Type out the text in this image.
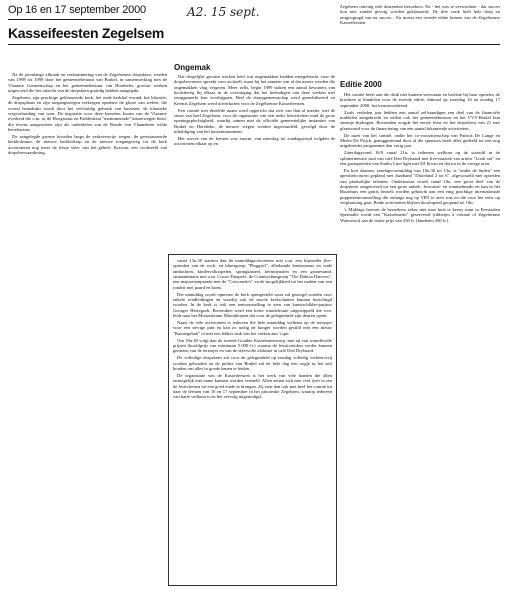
Op 16 en 17 september 2000	A2. 15 sept.
Kasseifeesten Zegelsem

Na de jarenlange afbraak en verkommering van de Zegelsemse dorpskern, werden van 1998 tot 1999 door het gemeentebestuur van Brakel, in samenwerking met de Vlaamse Gemeenschap en het gemeentebestuur van Horebeke, grootse werken uitgevoerd die het uitzicht van de dorpskern grondig hebben aangepakt.

Zegelsem, zijn prachtige geklasseerde kerk, het oude kerkhof errond, het kloostér, de dorpsplaats en zijn toegangswegen verkregen opnieuw de glorie van weleer, die vooral benadrukt wordt door het veelvuldig gebruik van kasseien, de klassieke wegverharding van toen. De inspiratie voor deze kasseien kwam van de Vlaamse overheid die o.m. in de Hoogstraat en Paddestraat "monumentale" kasseiwegen bezit, die tevens aangewezen zijn als onderdelen van de Ronde van Vlaanderen wilde beoefenaars.

De aangelegde groene boorden langs de verkeersvrije wegen, de gerestaureerde kerkhofmuur, de nieuwe kerkhoftrap en de nieuwe toegangsweg tot de kerk accentueren nog meer de frisse sfeer van het geheel. Kortom, een voorbeeld van dorpsherwaardering.

Ongemak

Dat dergelijke grootse werken heel wat ongemakken hadden meegebracht voor de dorpsbewoners spreekt voor zichzelf, maar bij het aanzien van al dat moois werden die ongemakken vlug vergeten. Meer zelfs, begin 1999 staken een aantal bewoners van hoofdeweg bij elkaar in de overtuiging dat het beëindigen van deze werken niet onopgemerkt kon voorbijgaan. Heel de dorpsgemeenschap werd gemobiliseerd en Kermis Zegelsem werd uitverkozen voor de Zegelsemse Kasseifeesten.

Een comité met dezelfde naam werd opgericht dat zich van dan af inzette, met de steun van heel Zegelsem, voor de organisatie van een reeks festiviteiten rond de grote openingsplechtigheid, waarbij samen met de officiële gemeentelijke instanties van Brakel en Horebeke, de nieuwe wegen werden ingewandeld, gevolgd door de inhuldiging van het kasseimonument.

Het succes van de feesten was enorm, van zaterdag tot zondagavond volgden de activiteiten elkaar op en

vanaf 13u.30 startten dan de namiddagactiviteiten met o.m. een bijzonder live-optreden van de rock- en bluesgroep "Pluggeel", allerhande kunstenaars en oude ambachten, kindervolksspelen, springkasteel, kermismolen en een grimestand, straatanimatie met o.m. Circus Patapoef, de Countrydansgroep "The Dakota Dancers", een majorettenparade met de "Crescendo's" en de mogelijkheid tot het maken van een rondrit met paard en koets.

Die namiddag wordt opnieuw de kerk opengesteld waar zal gezorgd worden voor enkele rondleidingen en waarbij ook de mooie kerkschatten kunnen bezichtigd worden. In de kerk is ook een tentoonstelling te zien van kunstschilder-pastoor Georges Herregods. Bovendien werd een korte wandelroute uitgestippeld die o.m. leidt naar het Monasterium Mariakluizen dat voor de gelegenheid zijn deuren opent.

Naast de vele activiteiten is iedereen die hele namiddag welkom op de terrasjes voor een stevige pint en kan zo nodig de honger worden gestild met een nieuw "Kassiegebak" of met een lekker stuk van het varken aan 't spit.

Om 18u.30 volgt dan de tweede Gouden Kasseisteenworp, met tal van waardevolle prijzen (hoofdprijs van minimum 5.000 fr.) waarna de feestivieiders verder kunnen genieten van de terrasjes en van de sfeervolle afsluiter in café Den Dryhaard.

De volledige dorpskern zal voor de gelegenheid op zondag volledig verkeersvrij worden gehouden en de politie van Brakel zal de hele dag een oogje in het zeil houden om alles in goede banen te leiden.

De organisatie van de Kasseifeesten is het werk van vele handen die allen onmogelijk met name kunnen worden vermeld. Allen zetten zich met veel ijver in om de festiviteiten tot een goed einde te brengen. Zij zien dan ook met heel het comité uit naar de feesten van 16 en 17 september in het pittoreske Zegelsem, waarop iedereen van harte welkom is en het vervolg uitgenodigd.

Zegelsem ontving vele duizenden bezoekers. En - het was te verwachten - dat succes kon niet zonder gevolg worden geklasseerd. De drie vonk hielt hele dorp en ontgoogingd van na succes... En moest een tweede editie komen van de Zegelsemse Kasseifeesten.

Editie 2000

Het comité heeft aan die druk niet kunnen weerstaan en besliste bij haar opnieuw de krachten te bundelen voor de tweede editie, ditmaal op zaterdag 16 en zondag 17 september 2000, het kermisweekend.

Zoals verleden jaar hebben een aantal zelfstandigen een deel van de financiële middelen aangebracht en zullen ook het gemeentebestuur en het VVV-Brakel hun steentje bijdragen. Bovendien zorgde het eerste feest en het dorpsfeest van 21 mei plaatsvond voor de financiering van een aantal bikemende activiteiten.

De inzet van het comité, onder het co-voorzitterschap van Patrick De Lange en Mieke De Prijck, genuggesteund door al die sponsors heeft alles gedeeld tot een nog uitgebreider programma dan vorig jaar.

Zaterdagavond 16/9 vanaf 21u. is iedereen welkom op de startuhl in de splinternieuwe zaal van café Den Dryhaard met live-muziek van artiest "Look out" en een gastoptreden van Studio Line light met DJ Erwin en dat tot in de vroege uren.

En kort daarom, zondagvoormiddag van 10u.30 tot 13u. is "onder de linden" een aperitiefconcert gepland met Jazzband "Dixieland 2 tot 6", afgewisseld met optreden van plaatselijke talenten. Ondertussen wordt vanaf 10u. een groot deel van de dorpskern omgetoverd tot een grote antiek-, brocante- en rommelmarkt en kan in het Buurthuis een gratis bezoek worden gebracht aan een enig prachtige internationale poppententoonstelling die onlangs nog op VRT te zien was en die voor het eerst op verplaatsing gaat. Beide activiteiten blijven doorlopend geopend tot 18u.

's Middags hoeven de bezoekers zeker niet naar huis te keren want in Feestzalen Spermalie wordt een "Kasseimenu" geserveerd (ribbetjes à volonté of Zegelsemse Waterzooi) aan de totale prijs van 350 fr. (kinderen 200 fr.).
